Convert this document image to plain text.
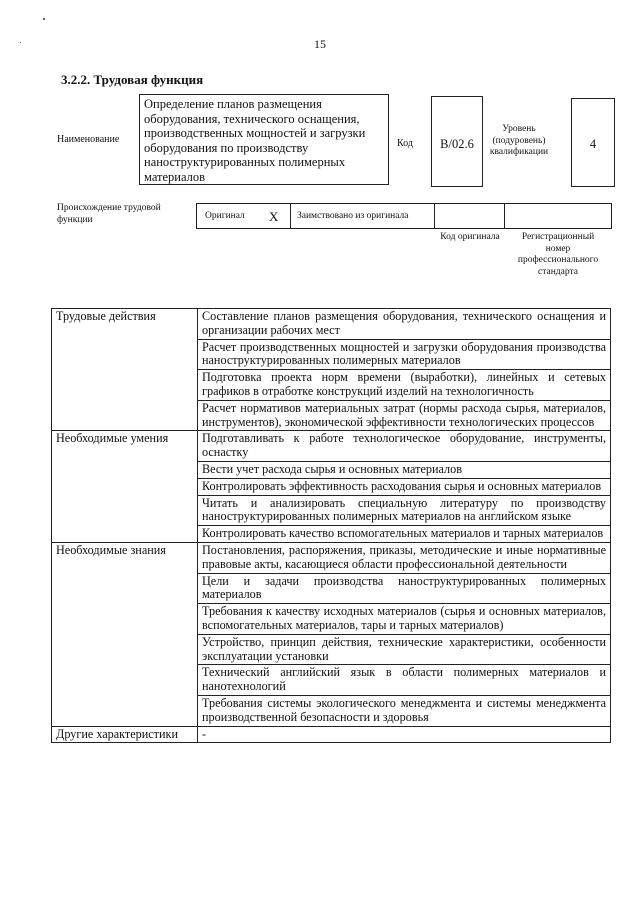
15
3.2.2. Трудовая функция
Наименование
Определение планов размещения оборудования, технического оснащения, производственных мощностей и загрузки оборудования по производству наноструктурированных полимерных материалов
Код	B/02.6
Уровень (подуровень) квалификации
4
Происхождение трудовой функции	Оригинал X Заимствовано из оригинала
Код оригинала	Регистрационный номер профессионального стандарта
Трудовые действия	Составление планов размещения оборудования, технического оснащения и организации рабочих мест
	Расчет производственных мощностей и загрузки оборудования производства наноструктурированных полимерных материалов
	Подготовка проекта норм времени (выработки), линейных и сетевых графиков в отработке конструкций изделий на технологичность
	Расчет нормативов материальных затрат (нормы расхода сырья, материалов, инструментов), экономической эффективности технологических процессов
Необходимые умения	Подготавливать к работе технологическое оборудование, инструменты, оснастку
	Вести учет расхода сырья и основных материалов
	Контролировать эффективность расходования сырья и основных материалов
	Читать и анализировать специальную литературу по производству наноструктурированных полимерных материалов на английском языке
	Контролировать качество вспомогательных материалов и тарных материалов
Необходимые знания	Постановления, распоряжения, приказы, методические и иные нормативные правовые акты, касающиеся области профессиональной деятельности
	Цели и задачи производства наноструктурированных полимерных материалов
	Требования к качеству исходных материалов (сырья и основных материалов, вспомогательных материалов, тары и тарных материалов)
	Устройство, принцип действия, технические характеристики, особенности эксплуатации установки
	Технический английский язык в области полимерных материалов и нанотехнологий
	Требования системы экологического менеджмента и системы менеджмента производственной безопасности и здоровья
Другие характеристики	-
